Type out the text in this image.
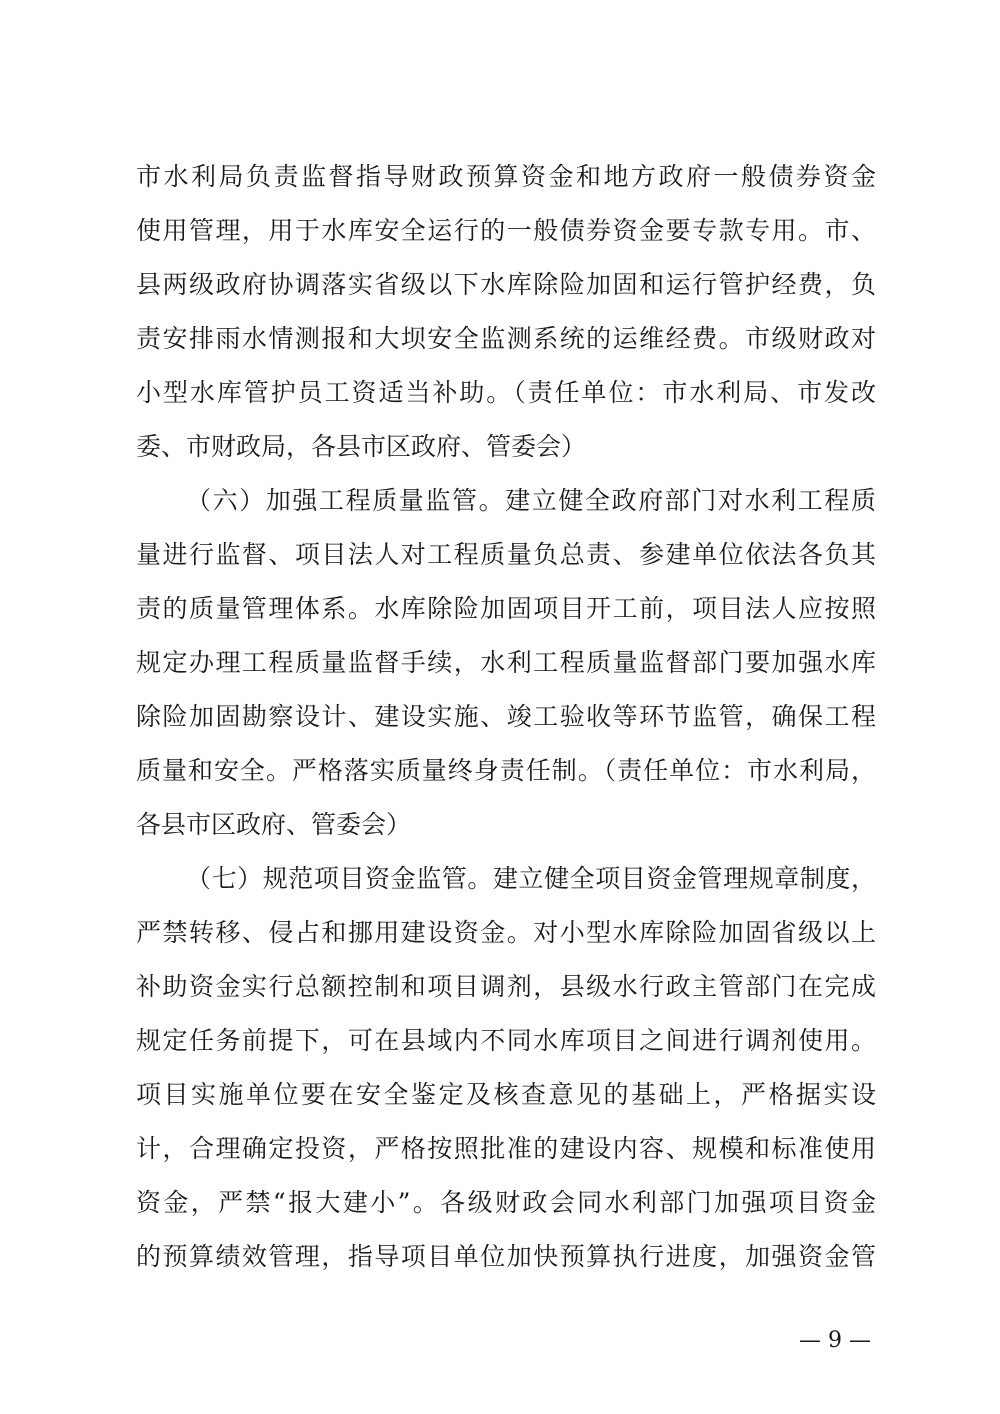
市水利局负责监督指导财政预算资金和地方政府一般债券资金
使用管理，用于水库安全运行的一般债券资金要专款专用。市、
县两级政府协调落实省级以下水库除险加固和运行管护经费，负
责安排雨水情测报和大坝安全监测系统的运维经费。市级财政对
小型水库管护员工资适当补助。（责任单位：市水利局、市发改
委、市财政局，各县市区政府、管委会）
（六）加强工程质量监管。建立健全政府部门对水利工程质
量进行监督、项目法人对工程质量负总责、参建单位依法各负其
责的质量管理体系。水库除险加固项目开工前，项目法人应按照
规定办理工程质量监督手续，水利工程质量监督部门要加强水库
除险加固勘察设计、建设实施、竣工验收等环节监管，确保工程
质量和安全。严格落实质量终身责任制。（责任单位：市水利局，
各县市区政府、管委会）
（七）规范项目资金监管。建立健全项目资金管理规章制度，
严禁转移、侵占和挪用建设资金。对小型水库除险加固省级以上
补助资金实行总额控制和项目调剂，县级水行政主管部门在完成
规定任务前提下，可在县域内不同水库项目之间进行调剂使用。
项目实施单位要在安全鉴定及核查意见的基础上，严格据实设
计，合理确定投资，严格按照批准的建设内容、规模和标准使用
资金，严禁“报大建小”。各级财政会同水利部门加强项目资金
的预算绩效管理，指导项目单位加快预算执行进度，加强资金管
— 9 —
